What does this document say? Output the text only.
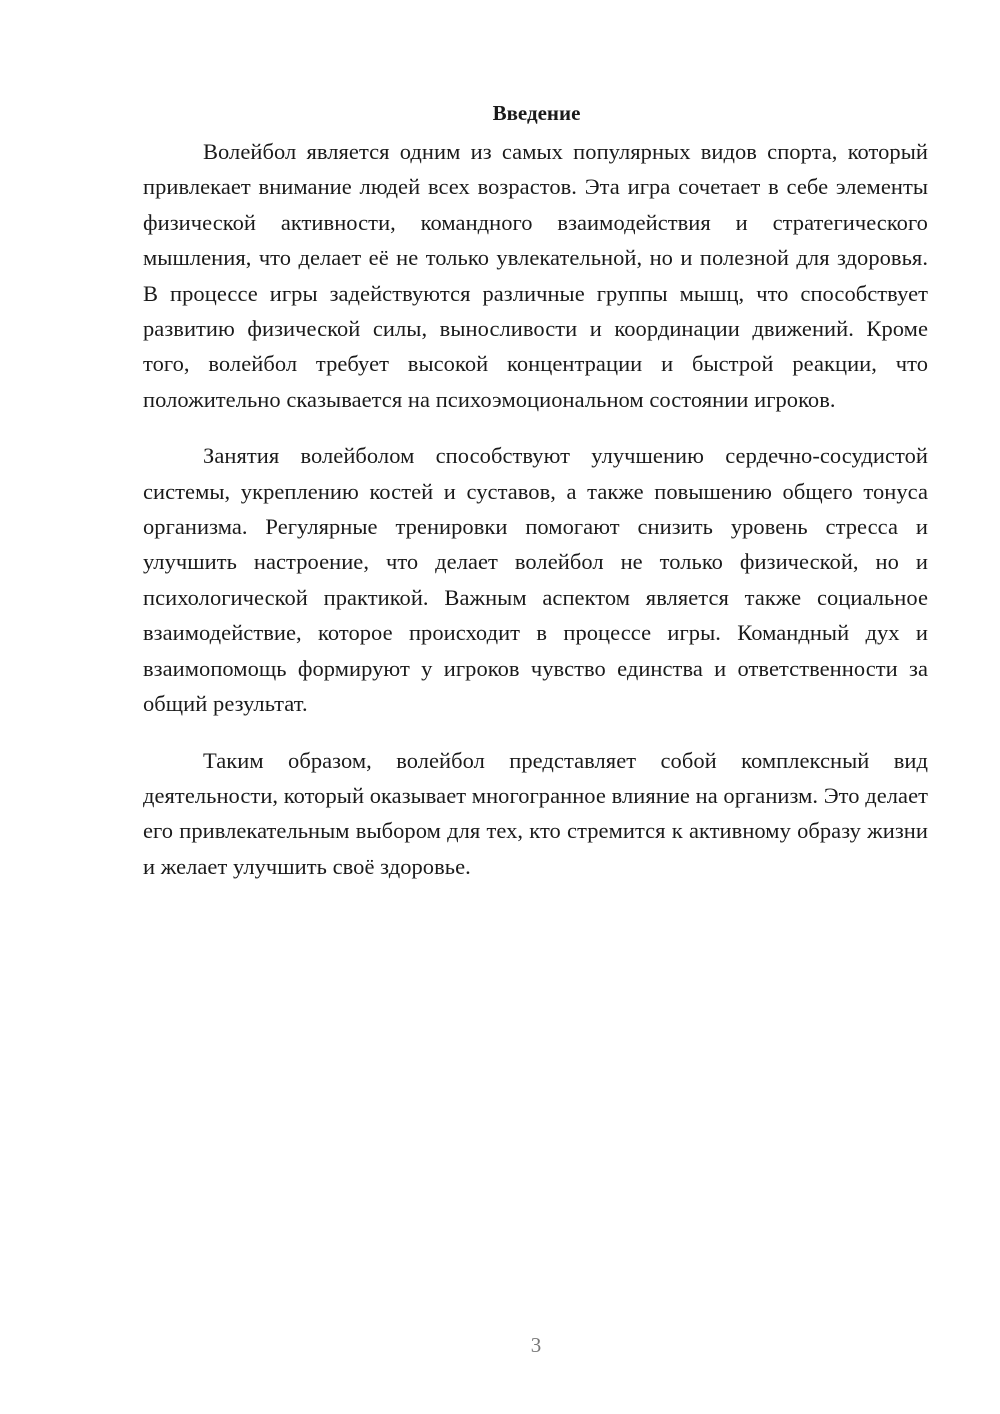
Введение

Волейбол является одним из самых популярных видов спорта, который привлекает внимание людей всех возрастов. Эта игра сочетает в себе элементы физической активности, командного взаимодействия и стратегического мышления, что делает её не только увлекательной, но и полезной для здоровья. В процессе игры задействуются различные группы мышц, что способствует развитию физической силы, выносливости и координации движений. Кроме того, волейбол требует высокой концентрации и быстрой реакции, что положительно сказывается на психоэмоциональном состоянии игроков.

Занятия волейболом способствуют улучшению сердечно-сосудистой системы, укреплению костей и суставов, а также повышению общего тонуса организма. Регулярные тренировки помогают снизить уровень стресса и улучшить настроение, что делает волейбол не только физической, но и психологической практикой. Важным аспектом является также социальное взаимодействие, которое происходит в процессе игры. Командный дух и взаимопомощь формируют у игроков чувство единства и ответственности за общий результат.

Таким образом, волейбол представляет собой комплексный вид деятельности, который оказывает многогранное влияние на организм. Это делает его привлекательным выбором для тех, кто стремится к активному образу жизни и желает улучшить своё здоровье.

3
